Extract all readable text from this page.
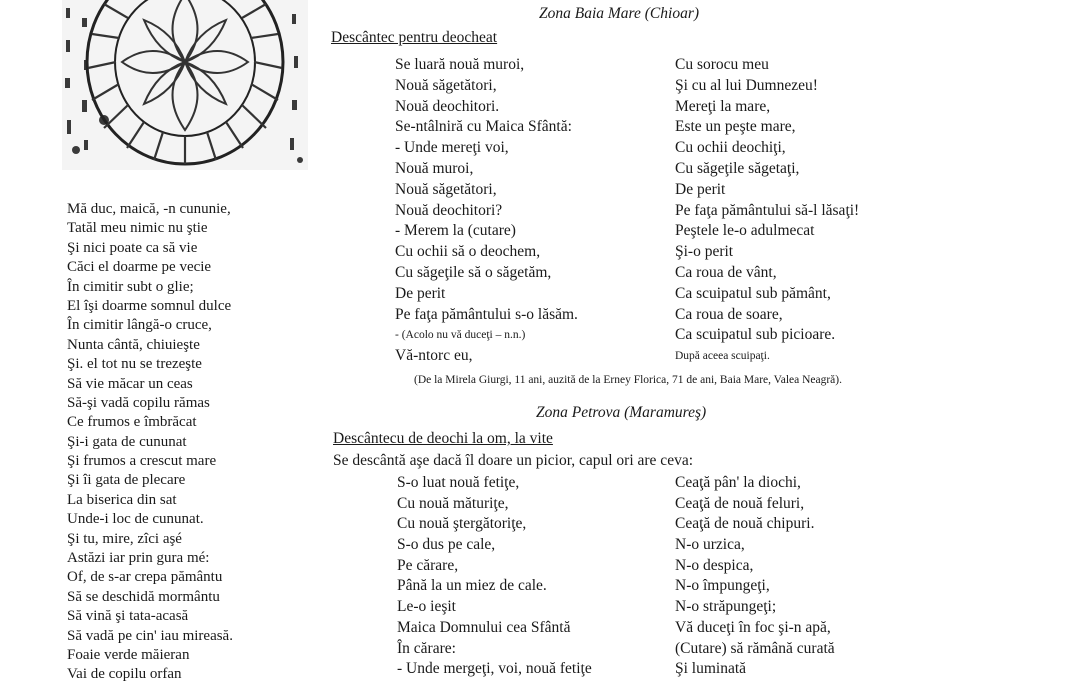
Mă duc, maică, -n cununie,
Tatăl meu nimic nu ştie
Şi nici poate ca să vie
Căci el doarme pe vecie
În cimitir subt o glie;
El îşi doarme somnul dulce
În cimitir lângă-o cruce,
Nunta cântă, chiuieşte
Şi. el tot nu se trezeşte
Să vie măcar un ceas
Să-şi vadă copilu rămas
Ce frumos e îmbrăcat
Şi-i gata de cununat
Şi frumos a crescut mare
Şi îi gata de plecare
La biserica din sat
Unde-i loc de cununat.
Şi tu, mire, zîci aşé
Astăzi iar prin gura mé:
Of, de s-ar crepa pământu
Să se deschidă mormântu
Să vină şi tata-acasă
Să vadă pe cin' iau mireasă.
Foaie verde măieran
Vai de copilu orfan
Zona Baia Mare (Chioar)
Descântec pentru deocheat
Se luară nouă muroi,
Nouă săgetători,
Nouă deochitori.
Se-ntâlniră cu Maica Sfântă:
- Unde mereţi voi,
Nouă muroi,
Nouă săgetători,
Nouă deochitori?
- Merem la (cutare)
Cu ochii să o deochem,
Cu săgeţile să o săgetăm,
De perit
Pe faţa pământului s-o lăsăm.
- (Acolo nu vă duceţi – n.n.)
Vă-ntorc eu,
Cu sorocu meu
Şi cu al lui Dumnezeu!
Mereţi la mare,
Este un peşte mare,
Cu ochii deochiţi,
Cu săgeţile săgetaţi,
De perit
Pe faţa pământului să-l lăsaţi!
Peştele le-o adulmecat
Şi-o perit
Ca roua de vânt,
Ca scuipatul sub pământ,
Ca roua de soare,
Ca scuipatul sub picioare.
După aceea scuipaţi.
(De la Mirela Giurgi, 11 ani, auzită de la Erney Florica, 71 de ani, Baia Mare, Valea Neagră).
Zona Petrova (Maramureş)
Descântecu de deochi la om, la vite
Se descântă aşe dacă îl doare un picior, capul ori are ceva:
S-o luat nouă fetiţe,
Cu nouă măturiţe,
Cu nouă ştergătoriţe,
S-o dus pe cale,
Pe cărare,
Până la un miez de cale.
Le-o ieşit
Maica Domnului cea Sfântă
În cărare:
- Unde mergeţi, voi, nouă fetiţe
Ceaţă pân' la diochi,
Ceaţă de nouă feluri,
Ceaţă de nouă chipuri.
N-o urzica,
N-o despica,
N-o împungeţi,
N-o străpungeţi;
Vă duceţi în foc şi-n apă,
(Cutare) să rămână curată
Şi luminată
